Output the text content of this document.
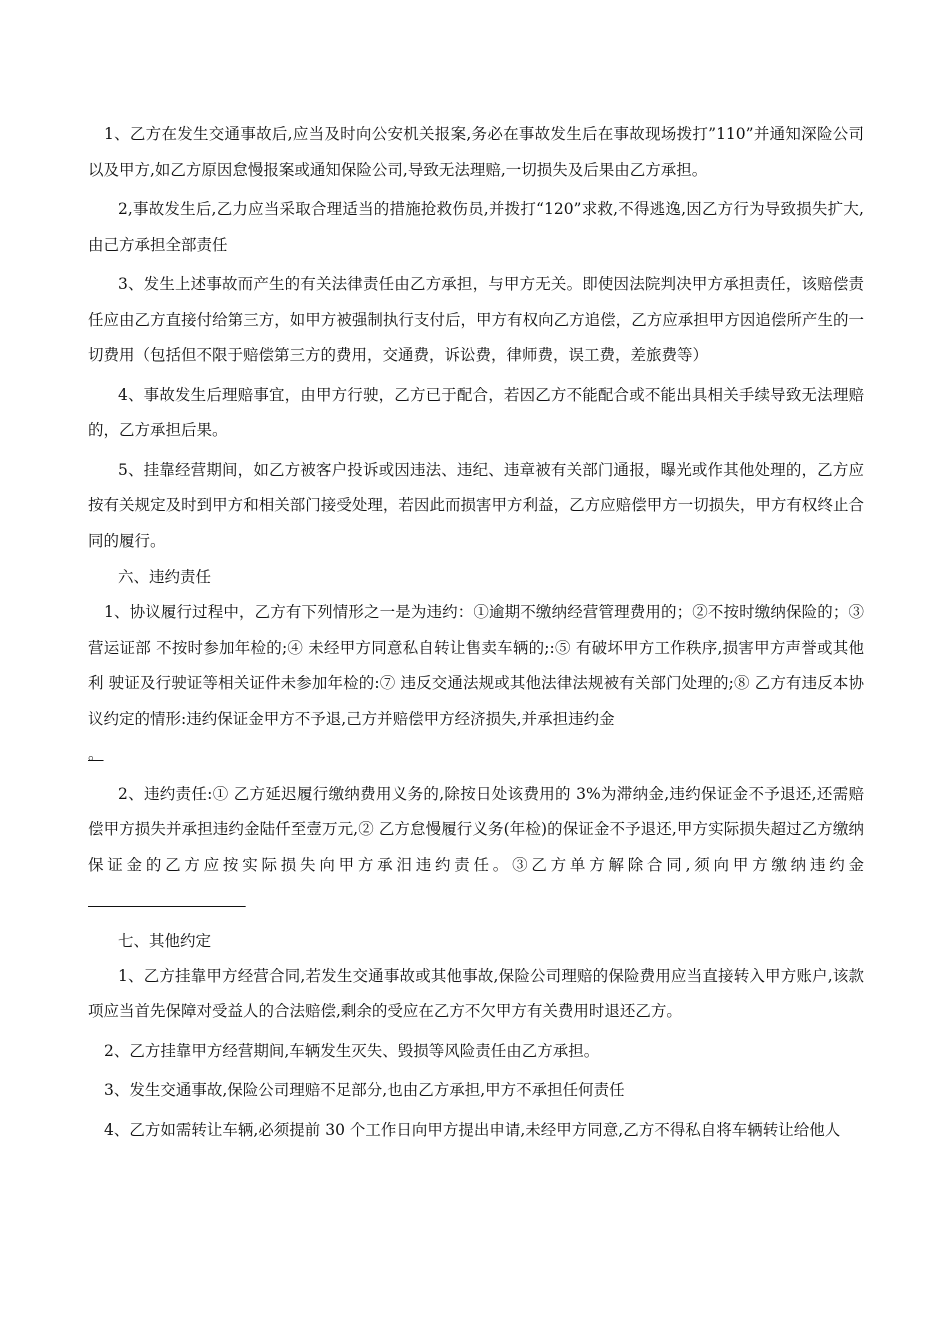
1、乙方在发生交通事故后,应当及时向公安机关报案,务必在事故发生后在事故现场拨打”110”并通知深险公司以及甲方,如乙方原因怠慢报案或通知保险公司,导致无法理赔,一切损失及后果由乙方承担。

2,事故发生后,乙力应当采取合理适当的措施抢救伤员,并拨打“120”求救,不得逃逸,因乙方行为导致损失扩大,由己方承担全部责任

3、发生上述事故而产生的有关法律责任由乙方承担，与甲方无关。即使因法院判决甲方承担责任，该赔偿责任应由乙方直接付给第三方，如甲方被强制执行支付后，甲方有权向乙方追偿，乙方应承担甲方因追偿所产生的一切费用（包括但不限于赔偿第三方的费用，交通费，诉讼费，律师费，误工费，差旅费等）

4、事故发生后理赔事宜，由甲方行驶，乙方已于配合，若因乙方不能配合或不能出具相关手续导致无法理赔的，乙方承担后果。

5、挂靠经营期间，如乙方被客户投诉或因违法、违纪、违章被有关部门通报，曝光或作其他处理的，乙方应按有关规定及时到甲方和相关部门接受处理，若因此而损害甲方利益，乙方应赔偿甲方一切损失，甲方有权终止合同的履行。

六、违约责任

1、协议履行过程中，乙方有下列情形之一是为违约：①逾期不缴纳经营管理费用的；②不按时缴纳保险的；③营运证部 不按时参加年检的;④ 未经甲方同意私自转让售卖车辆的;:⑤ 有破坏甲方工作秩序,损害甲方声誉或其他利 驶证及行驶证等相关证件未参加年检的:⑦ 违反交通法规或其他法律法规被有关部门处理的;⑧ 乙方有违反本协议约定的情形:违约保证金甲方不予退,己方并赔偿甲方经济损失,并承担违约金
。

2、违约责任:① 乙方延迟履行缴纳费用义务的,除按日处该费用的 3%为滞纳金,违约保证金不予退还,还需赔偿甲方损失并承担违约金陆仟至壹万元,② 乙方怠慢履行义务(年检)的保证金不予退还,甲方实际损失超过乙方缴纳保证金的乙方应按实际损失向甲方承汨违约责任。③乙方单方解除合同,须向甲方缴纳违约金

七、其他约定

1、乙方挂靠甲方经营合同,若发生交通事故或其他事故,保险公司理赔的保险费用应当直接转入甲方账户,该款项应当首先保障对受益人的合法赔偿,剩余的受应在乙方不欠甲方有关费用时退还乙方。

2、乙方挂靠甲方经营期间,车辆发生灭失、毁损等风险责任由乙方承担。

3、发生交通事故,保险公司理赔不足部分,也由乙方承担,甲方不承担任何责任

4、乙方如需转让车辆,必须提前 30 个工作日向甲方提出申请,未经甲方同意,乙方不得私自将车辆转让给他人
